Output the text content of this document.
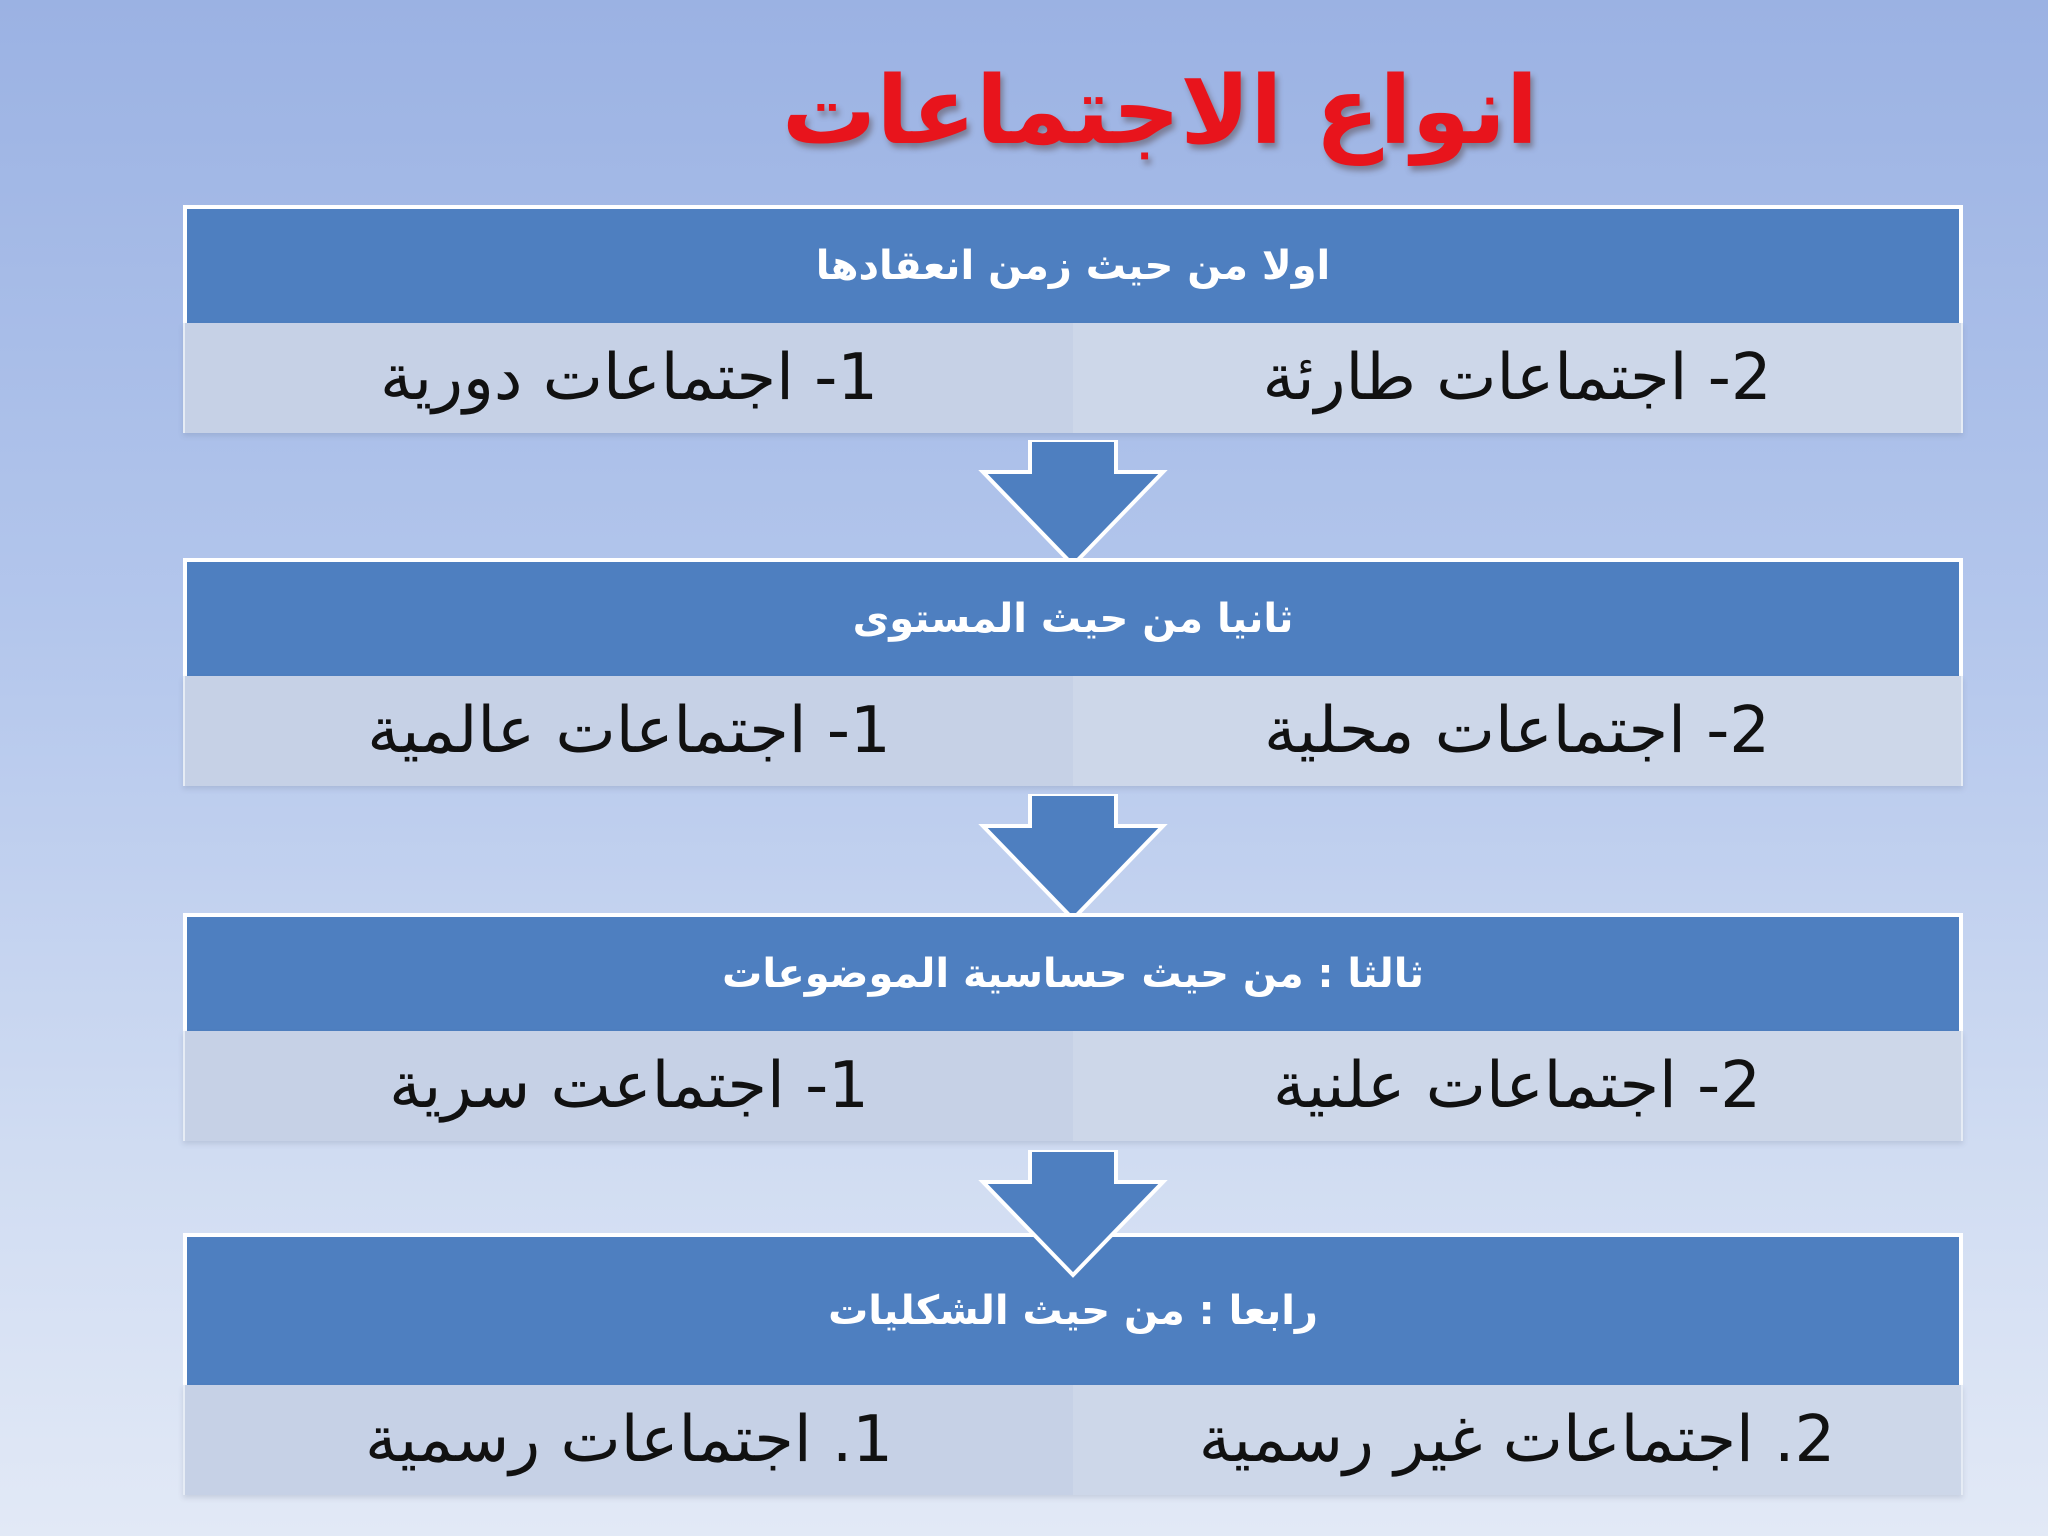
انواع الاجتماعات
اولا من حيث زمن انعقادها
2- اجتماعات طارئة
1- اجتماعات دورية
ثانيا من حيث المستوى
2- اجتماعات محلية
1- اجتماعات عالمية
ثالثا : من حيث حساسية الموضوعات
2- اجتماعات علنية
1- اجتماعت سرية
رابعا : من حيث الشكليات
2. اجتماعات غير رسمية
1. اجتماعات رسمية
